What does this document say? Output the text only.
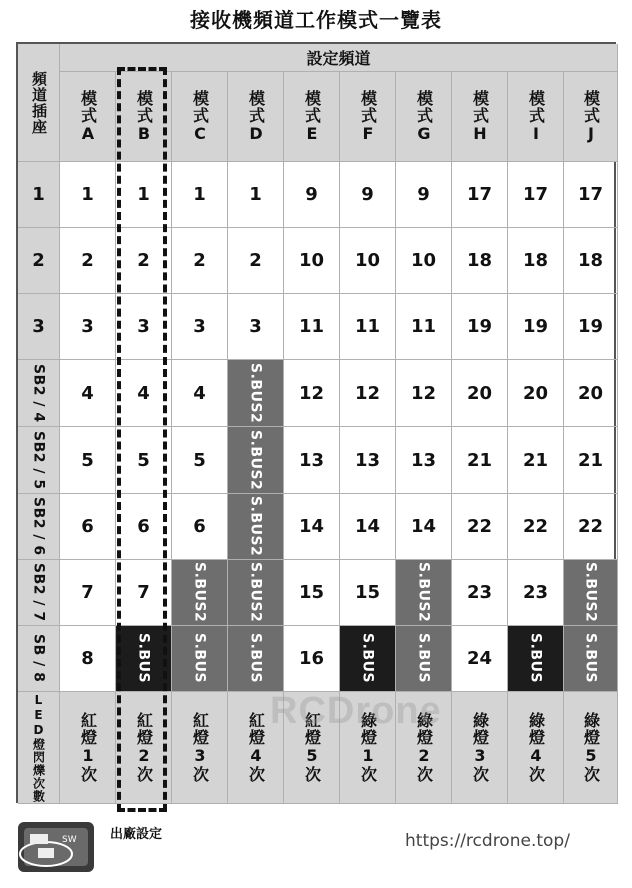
接收機頻道工作模式一覽表
頻道插座
設定頻道
模式A 模式B 模式C 模式D 模式E 模式F 模式G 模式H 模式I 模式J
1 1 1 1 1 9 9 9 17 17 17
2 2 2 2 2 10 10 10 18 18 18
3 3 3 3 3 11 11 11 19 19 19
SB2 / 4 4 4 4	S.BUS2 12 12 12 20 20 20
SB2 / 5 5 5 5	S.BUS2 13 13 13 21 21 21
SB2 / 6 6 6 6	S.BUS2 14 14 14 22 22 22
SB2 / 7 7 7	S.BUS2	S.BUS2 15 15	S.BUS2 23 23 S.BUS2
SB / 8 8	S.BUS	S.BUS	S.BUS 16	S.BUS	S.BUS 24	S.BUS	S.BUS
LED燈閃爍次數 紅燈1次 紅燈2次 紅燈3次 紅燈4次 紅燈5次 綠燈1次 綠燈2次 綠燈3次 綠燈4次 綠燈5次
RCDrone
SW	出廠設定	https://rcdrone.top/
